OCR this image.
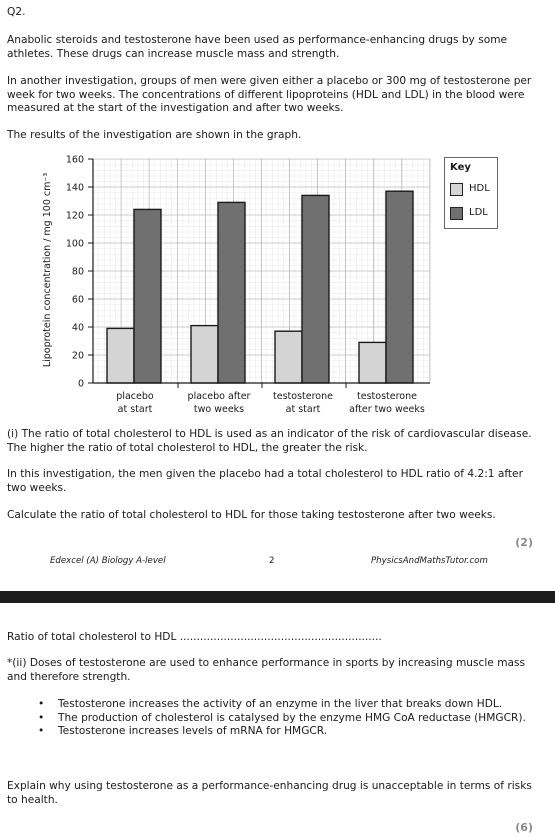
Q2.

Anabolic steroids and testosterone have been used as performance-enhancing drugs by some athletes. These drugs can increase muscle mass and strength.

In another investigation, groups of men were given either a placebo or 300 mg of testosterone per week for two weeks. The concentrations of different lipoproteins (HDL and LDL) in the blood were measured at the start of the investigation and after two weeks.

The results of the investigation are shown in the graph.

0
20
40
60
80
100
120
140
160
placebo
at start
placebo after
two weeks
testosterone
at start
testosterone
after two weeks
Lipoprotein concentration / mg 100 cm⁻³
Key
HDL
LDL

(i) The ratio of total cholesterol to HDL is used as an indicator of the risk of cardiovascular disease. The higher the ratio of total cholesterol to HDL, the greater the risk.

In this investigation, the men given the placebo had a total cholesterol to HDL ratio of 4.2:1 after two weeks.

Calculate the ratio of total cholesterol to HDL for those taking testosterone after two weeks.

(2)
Edexcel (A) Biology A-level	2	PhysicsAndMathsTutor.com

Ratio of total cholesterol to HDL ............................................................

*(ii) Doses of testosterone are used to enhance performance in sports by increasing muscle mass and therefore strength.

• Testosterone increases the activity of an enzyme in the liver that breaks down HDL.
• The production of cholesterol is catalysed by the enzyme HMG CoA reductase (HMGCR).
• Testosterone increases levels of mRNA for HMGCR.

Explain why using testosterone as a performance-enhancing drug is unacceptable in terms of risks to health.

(6)
